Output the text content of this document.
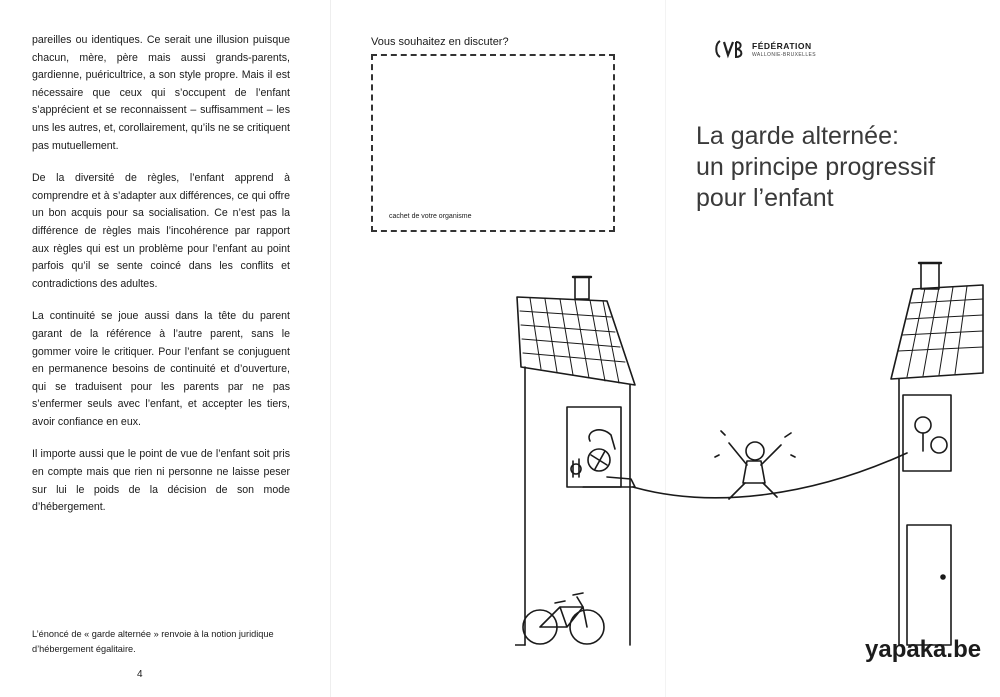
pareilles ou identiques. Ce serait une illusion puisque chacun, mère, père mais aussi grands-parents, gardienne, puéricultrice, a son style propre. Mais il est nécessaire que ceux qui s’occupent de l’enfant s’apprécient et se reconnaissent – suffisamment – les uns les autres, et, corollairement, qu’ils ne se critiquent pas mutuellement.

De la diversité de règles, l’enfant apprend à comprendre et à s’adapter aux différences, ce qui offre un bon acquis pour sa socialisation. Ce n’est pas la différence de règles mais l’incohérence par rapport aux règles qui est un problème pour l’enfant au point parfois qu’il se sente coincé dans les conflits et contradictions des adultes.

La continuité se joue aussi dans la tête du parent garant de la référence à l’autre parent, sans le gommer voire le critiquer. Pour l’enfant se conjuguent en permanence besoins de continuité et d’ouverture, qui se traduisent pour les parents par ne pas s’enfermer seuls avec l’enfant, et accepter les tiers, avoir confiance en eux.

Il importe aussi que le point de vue de l’enfant soit pris en compte mais que rien ni personne ne laisse peser sur lui le poids de la décision de son mode d’hébergement.

L’énoncé de « garde alternée » renvoie à la notion juridique d’hébergement égalitaire.
4
Vous souhaitez en discuter?
cachet de votre organisme
FÉDÉRATION
WALLONIE-BRUXELLES
La garde alternée:
un principe progressif
pour l’enfant
yapaka.be
